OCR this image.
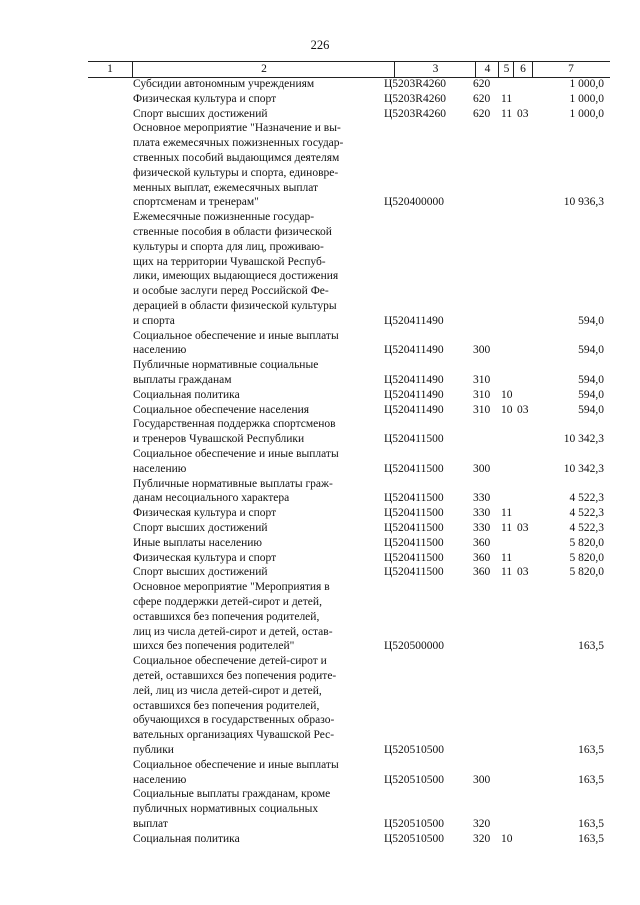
226
1	2	3	4	5 6	7
Субсидии автономным учреждениям	Ц5203R4260 620	1 000,0
Физическая культура и спорт	Ц5203R4260 620 11	1 000,0
Спорт высших достижений	Ц5203R4260 620 11 03	1 000,0
Основное мероприятие "Назначение и вы-
плата ежемесячных пожизненных государ-
ственных пособий выдающимся деятелям
физической культуры и спорта, единовре-
менных выплат, ежемесячных выплат
спортсменам и тренерам"	Ц520400000	10 936,3
Ежемесячные пожизненные государ-
ственные пособия в области физической
культуры и спорта для лиц, проживаю-
щих на территории Чувашской Респуб-
лики, имеющих выдающиеся достижения
и особые заслуги перед Российской Фе-
дерацией в области физической культуры
и спорта	Ц520411490	594,0
Социальное обеспечение и иные выплаты
населению	Ц520411490	300	594,0
Публичные нормативные социальные
выплаты гражданам	Ц520411490	310	594,0
Социальная политика	Ц520411490	310 10	594,0
Социальное обеспечение населения	Ц520411490	310 10 03	594,0
Государственная поддержка спортсменов
и тренеров Чувашской Республики	Ц520411500	10 342,3
Социальное обеспечение и иные выплаты
населению	Ц520411500	300	10 342,3
Публичные нормативные выплаты граж-
данам несоциального характера	Ц520411500	330	4 522,3
Физическая культура и спорт	Ц520411500	330 11	4 522,3
Спорт высших достижений	Ц520411500	330 11 03	4 522,3
Иные выплаты населению	Ц520411500	360	5 820,0
Физическая культура и спорт	Ц520411500	360 11	5 820,0
Спорт высших достижений	Ц520411500	360 11 03	5 820,0
Основное мероприятие "Мероприятия в
сфере поддержки детей-сирот и детей,
оставшихся без попечения родителей,
лиц из числа детей-сирот и детей, остав-
шихся без попечения родителей"	Ц520500000	163,5
Социальное обеспечение детей-сирот и
детей, оставшихся без попечения родите-
лей, лиц из числа детей-сирот и детей,
оставшихся без попечения родителей,
обучающихся в государственных образо-
вательных организациях Чувашской Рес-
публики	Ц520510500	163,5
Социальное обеспечение и иные выплаты
населению	Ц520510500	300	163,5
Социальные выплаты гражданам, кроме
публичных нормативных социальных
выплат	Ц520510500	320	163,5
Социальная политика	Ц520510500	320 10	163,5
